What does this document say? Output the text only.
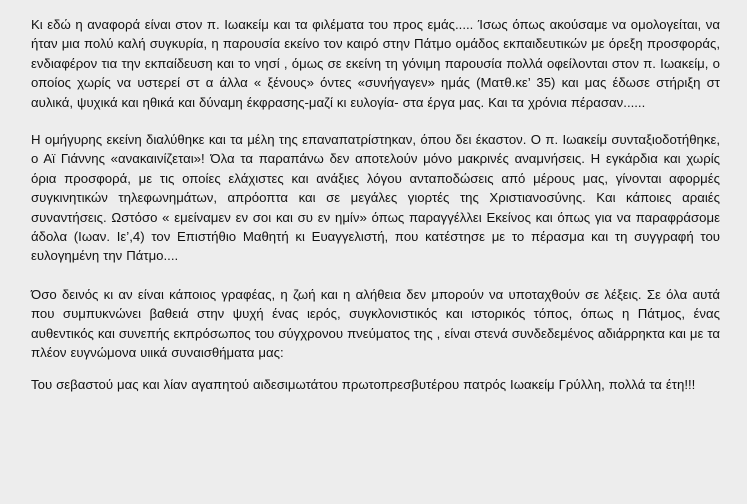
Κι εδώ η αναφορά είναι στον π. Ιωακείμ και τα φιλέματα του προς εμάς..... Ίσως όπως ακούσαμε να ομολογείται, να ήταν μια πολύ καλή συγκυρία, η παρουσία εκείνο τον καιρό στην Πάτμο ομάδος εκπαιδευτικών με όρεξη προσφοράς, ενδιαφέρον τια την εκπαίδευση και το νησί , όμως σε εκείνη τη γόνιμη παρουσία πολλά οφείλονται στον π. Ιωακείμ, ο οποίος χωρίς να υστερεί στ α άλλα « ξένους» όντες «συνήγαγεν» ημάς (Ματθ.κε’ 35) και μας έδωσε στήριξη στ αυλικά, ψυχικά και ηθικά και δύναμη έκφρασης-μαζί κι ευλογία- στα έργα μας. Και τα χρόνια πέρασαν......

Η ομήγυρης εκείνη διαλύθηκε και τα μέλη της επαναπατρίστηκαν, όπου δει έκαστον. Ο π. Ιωακείμ συνταξιοδοτήθηκε, ο Αϊ Γιάννης «ανακαινίζεται»! Όλα τα παραπάνω δεν αποτελούν μόνο μακρινές αναμνήσεις. Η εγκάρδια και χωρίς όρια προσφορά, με τις οποίες ελάχιστες και ανάξιες λόγου ανταποδώσεις από μέρους μας, γίνονται αφορμές συγκινητικών τηλεφωνημάτων, απρόοπτα και σε μεγάλες γιορτές της Χριστιανοσύνης. Και κάποιες αραιές συναντήσεις. Ωστόσο « εμείναμεν εν σοι και συ εν ημίν» όπως παραγγέλλει Εκείνος και όπως για να παραφράσομε άδολα (Ιωαν. Ιε’,4) τον Επιστήθιο Μαθητή κι Ευαγγελιστή, που κατέστησε με το πέρασμα και τη συγγραφή του ευλογημένη την Πάτμο....

Όσο δεινός κι αν είναι κάποιος γραφέας, η ζωή και η αλήθεια δεν μπορούν να υποταχθούν σε λέξεις. Σε όλα αυτά που συμπυκνώνει βαθειά στην ψυχή ένας ιερός, συγκλονιστικός και ιστορικός τόπος, όπως η Πάτμος, ένας αυθεντικός και συνεπής εκπρόσωπος του σύγχρονου πνεύματος της , είναι στενά συνδεδεμένος αδιάρρηκτα και με τα πλέον ευγνώμονα υιικά συναισθήματα μας:

Του σεβαστού μας και λίαν αγαπητού αιδεσιμωτάτου πρωτοπρεσβυτέρου πατρός Ιωακείμ Γρύλλη, πολλά τα έτη!!!
